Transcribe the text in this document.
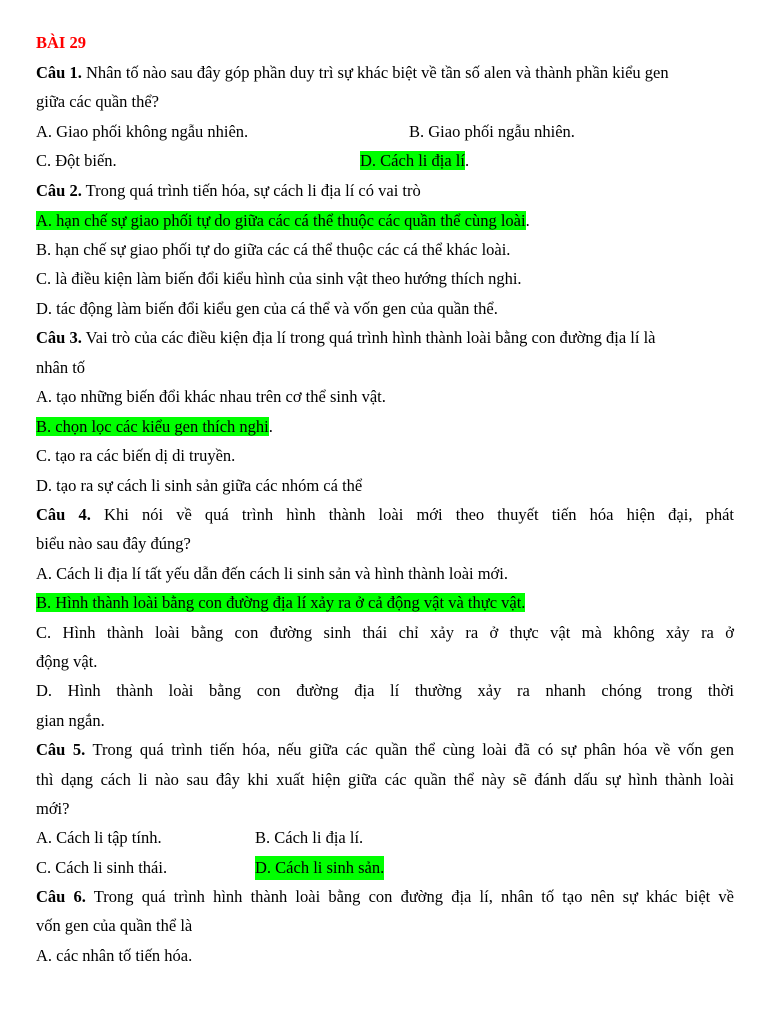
BÀI 29
Câu 1. Nhân tố nào sau đây góp phần duy trì sự khác biệt về tần số alen và thành phần kiểu gen
giữa các quần thể?
A. Giao phối không ngẫu nhiên.	B. Giao phối ngẫu nhiên.
C. Đột biến.	D. Cách li địa lí.
Câu 2. Trong quá trình tiến hóa, sự cách li địa lí có vai trò
A. hạn chế sự giao phối tự do giữa các cá thể thuộc các quần thể cùng loài.
B. hạn chế sự giao phối tự do giữa các cá thể thuộc các cá thể khác loài.
C. là điều kiện làm biến đổi kiểu hình của sinh vật theo hướng thích nghi.
D. tác động làm biến đổi kiểu gen của cá thể và vốn gen của quần thể.
Câu 3. Vai trò của các điều kiện địa lí trong quá trình hình thành loài bằng con đường địa lí là
nhân tố
A. tạo những biến đổi khác nhau trên cơ thể sinh vật.
B. chọn lọc các kiểu gen thích nghi.
C. tạo ra các biến dị di truyền.
D. tạo ra sự cách li sinh sản giữa các nhóm cá thể
Câu 4. Khi nói về quá trình hình thành loài mới theo thuyết tiến hóa hiện đại, phát
biểu nào sau đây đúng?
A. Cách li địa lí tất yếu dẫn đến cách li sinh sản và hình thành loài mới.
B. Hình thành loài bằng con đường địa lí xảy ra ở cả động vật và thực vật.
C. Hình thành loài bằng con đường sinh thái chỉ xảy ra ở thực vật mà không xảy ra ở
động vật.
D. Hình thành loài bằng con đường địa lí thường xảy ra nhanh chóng trong thời
gian ngắn.
Câu 5. Trong quá trình tiến hóa, nếu giữa các quần thể cùng loài đã có sự phân hóa về vốn gen
thì dạng cách li nào sau đây khi xuất hiện giữa các quần thể này sẽ đánh dấu sự hình thành loài
mới?
A. Cách li tập tính.	B. Cách li địa lí.
C. Cách li sinh thái.	D. Cách li sinh sản.
Câu 6. Trong quá trình hình thành loài bằng con đường địa lí, nhân tố tạo nên sự khác biệt về
vốn gen của quần thể là
A. các nhân tố tiến hóa.
